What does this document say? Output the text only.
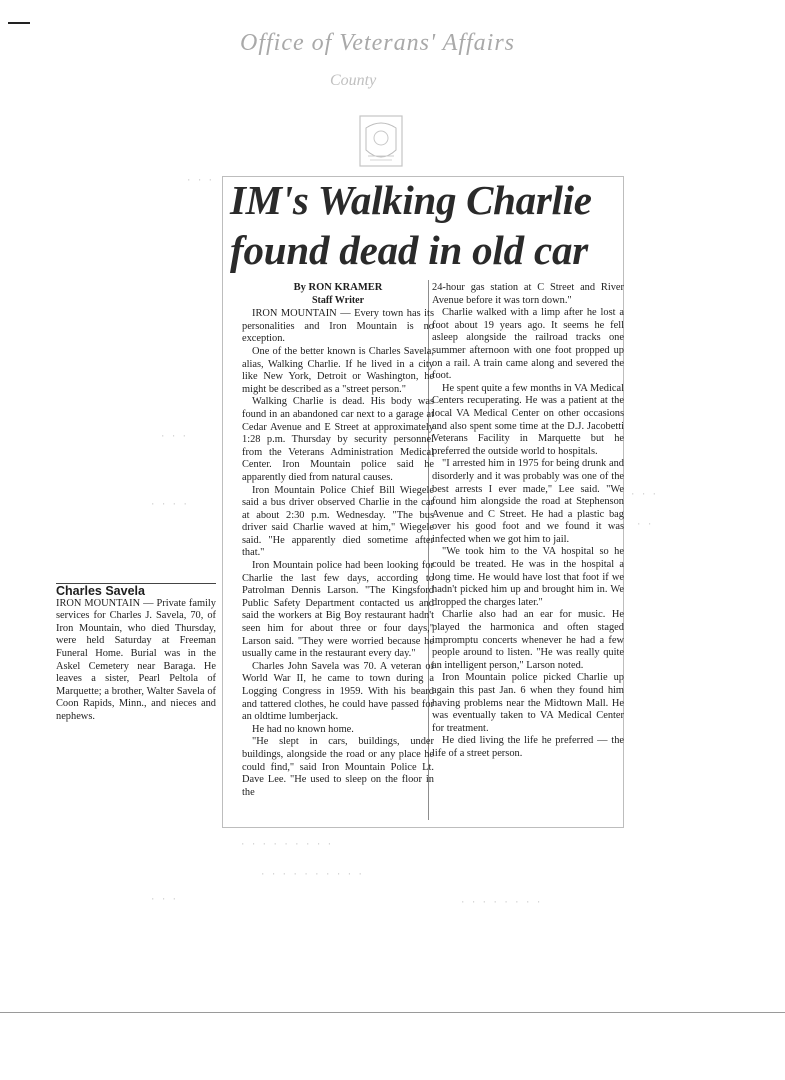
Office of Veterans' Affairs
County
IM's Walking Charlie
found dead in old car
By RON KRAMER
Staff Writer

IRON MOUNTAIN — Every town has its personalities and Iron Mountain is no exception.

One of the better known is Charles Savela, alias, Walking Charlie. If he lived in a city like New York, Detroit or Washington, he might be described as a "street person."

Walking Charlie is dead. His body was found in an abandoned car next to a garage at Cedar Avenue and E Street at approximately 1:28 p.m. Thursday by security personnel from the Veterans Administration Medical Center. Iron Mountain police said he apparently died from natural causes.

Iron Mountain Police Chief Bill Wiegele said a bus driver observed Charlie in the car at about 2:30 p.m. Wednesday. "The bus driver said Charlie waved at him," Wiegele said. "He apparently died sometime after that."

Iron Mountain police had been looking for Charlie the last few days, according to Patrolman Dennis Larson. "The Kingsford Public Safety Department contacted us and said the workers at Big Boy restaurant hadn't seen him for about three or four days," Larson said. "They were worried because he usually came in the restaurant every day."

Charles John Savela was 70. A veteran of World War II, he came to town during a Logging Congress in 1959. With his beard and tattered clothes, he could have passed for an oldtime lumberjack.

He had no known home.

"He slept in cars, buildings, under buildings, alongside the road or any place he could find," said Iron Mountain Police Lt. Dave Lee. "He used to sleep on the floor in the

24-hour gas station at C Street and River Avenue before it was torn down."

Charlie walked with a limp after he lost a foot about 19 years ago. It seems he fell asleep alongside the railroad tracks one summer afternoon with one foot propped up on a rail. A train came along and severed the foot.

He spent quite a few months in VA Medical Centers recuperating. He was a patient at the local VA Medical Center on other occasions and also spent some time at the D.J. Jacobetti Veterans Facility in Marquette but he preferred the outside world to hospitals.

"I arrested him in 1975 for being drunk and disorderly and it was probably was one of the best arrests I ever made," Lee said. "We found him alongside the road at Stephenson Avenue and C Street. He had a plastic bag over his good foot and we found it was infected when we got him to jail.

"We took him to the VA hospital so he could be treated. He was in the hospital a long time. He would have lost that foot if we hadn't picked him up and brought him in. We dropped the charges later."

Charlie also had an ear for music. He played the harmonica and often staged impromptu concerts whenever he had a few people around to listen. "He was really quite an intelligent person," Larson noted.

Iron Mountain police picked Charlie up again this past Jan. 6 when they found him having problems near the Midtown Mall. He was eventually taken to VA Medical Center for treatment.

He died living the life he preferred — the life of a street person.

Charles Savela

IRON MOUNTAIN — Private family services for Charles J. Savela, 70, of Iron Mountain, who died Thursday, were held Saturday at Freeman Funeral Home. Burial was in the Askel Cemetery near Baraga. He leaves a sister, Pearl Peltola of Marquette; a brother, Walter Savela of Coon Rapids, Minn., and nieces and nephews.

· · ·
· · ·
· · · ·
· · ·
· ·
· · · · · · · · ·
· · · · · · · · · ·
· · ·	· · · · · · · ·
